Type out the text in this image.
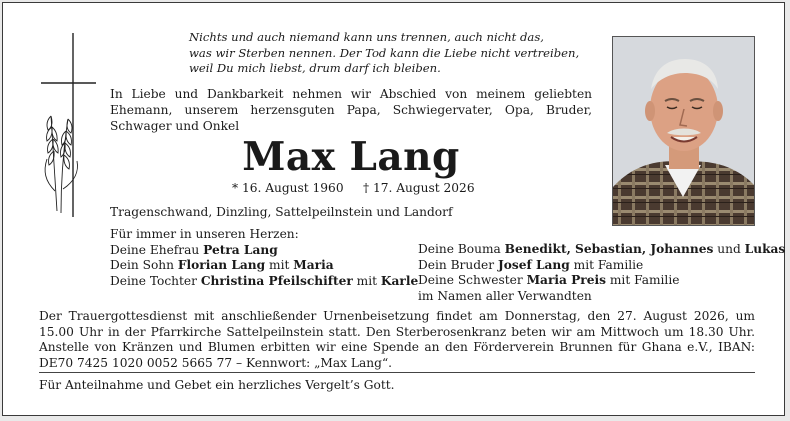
Nichts und auch niemand kann uns trennen, auch nicht das,
was wir Sterben nennen. Der Tod kann die Liebe nicht vertreiben,
weil Du mich liebst, drum darf ich bleiben.
In Liebe und Dankbarkeit nehmen wir Abschied von meinem geliebten Ehemann, unserem herzensguten Papa, Schwiegervater, Opa, Bruder, Schwager und Onkel
Max Lang
* 16. August 1960 † 17. August 2026
Tragenschwand, Dinzling, Sattelpeilnstein und Landorf
Für immer in unseren Herzen:
Deine Ehefrau Petra Lang
Dein Sohn Florian Lang mit Maria
Deine Tochter Christina Pfeilschifter mit Karle
Deine Bouma Benedikt, Sebastian, Johannes und Lukas
Dein Bruder Josef Lang mit Familie
Deine Schwester Maria Preis mit Familie
im Namen aller Verwandten
Der Trauergottesdienst mit anschließender Urnenbeisetzung findet am Donnerstag, den 27. August 2026, um 15.00 Uhr in der Pfarrkirche Sattelpeilnstein statt. Den Sterberosenkranz beten wir am Mittwoch um 18.30 Uhr. Anstelle von Kränzen und Blumen erbitten wir eine Spende an den Förderverein Brunnen für Ghana e.V., IBAN: DE70 7425 1020 0052 5665 77 – Kennwort: „Max Lang“.
Für Anteilnahme und Gebet ein herzliches Vergelt’s Gott.
